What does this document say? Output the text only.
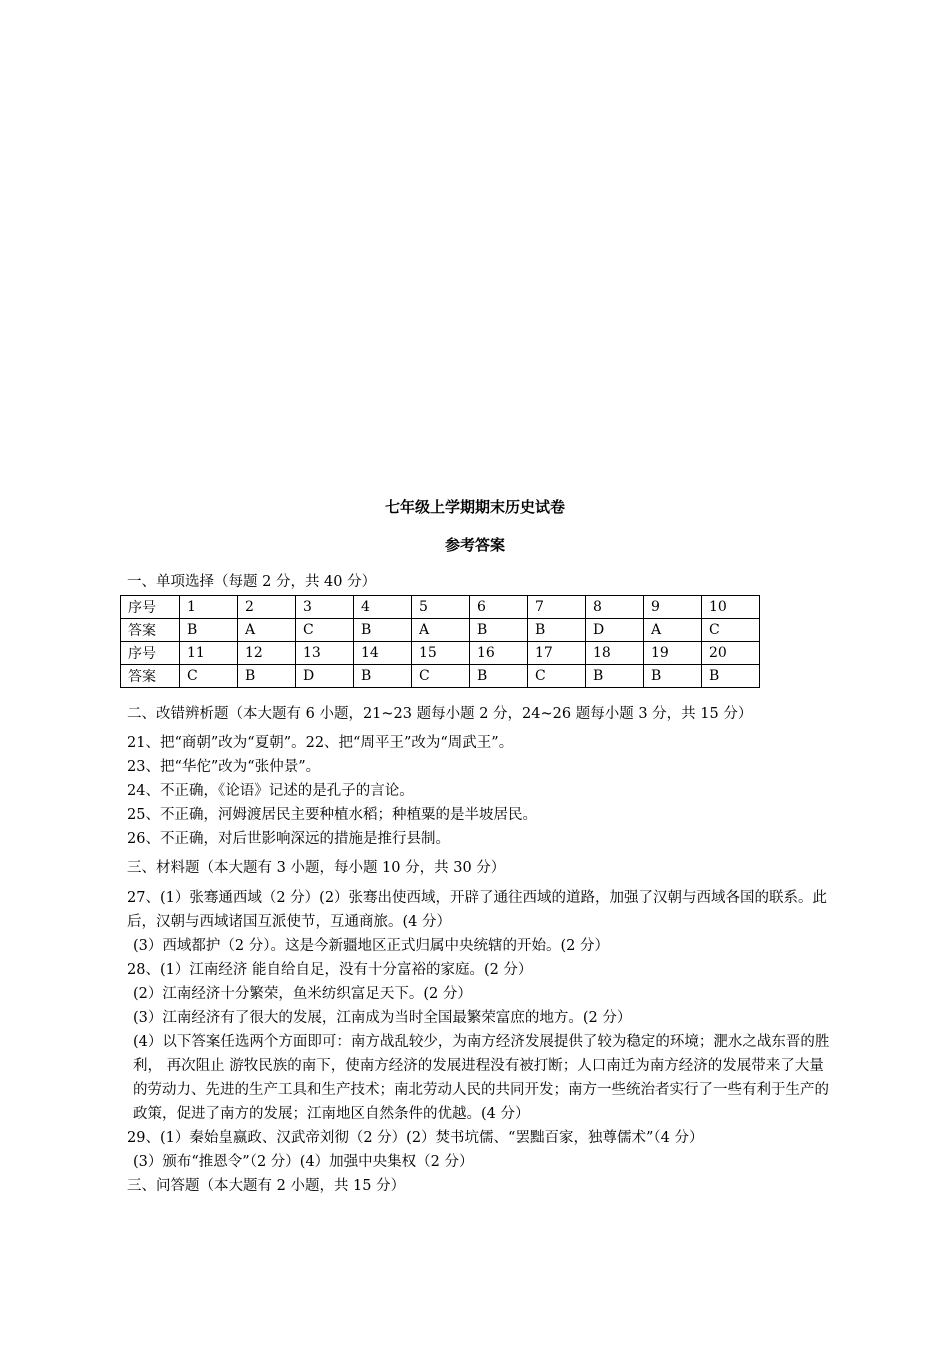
七年级上学期期末历史试卷
参考答案
一、单项选择（每题 2 分，共 40 分）
序号	1	2	3	4	5	6	7	8	9	10
答案	B	A	C	B	A	B	B	D	A	C
序号	11	12	13	14	15	16	17	18	19	20
答案	C	B	D	B	C	B	C	B	B	B
二、改错辨析题（本大题有 6 小题，21~23 题每小题 2 分，24~26 题每小题 3 分，共 15 分）
21、把“商朝”改为“夏朝”。22、把“周平王”改为“周武王”。
23、把“华佗”改为“张仲景”。
24、不正确，《论语》记述的是孔子的言论。
25、不正确，河姆渡居民主要种植水稻；种植粟的是半坡居民。
26、不正确，对后世影响深远的措施是推行县制。
三、材料题（本大题有 3 小题，每小题 10 分，共 30 分）
27、(1）张骞通西域（2 分）(2）张骞出使西域，开辟了通往西域的道路，加强了汉朝与西域各国的联系。此后，汉朝与西域诸国互派使节，互通商旅。(4 分）
(3）西域都护（2 分）。这是今新疆地区正式归属中央统辖的开始。(2 分）
28、(1）江南经济 能自给自足，没有十分富裕的家庭。(2 分）
(2）江南经济十分繁荣，鱼米纺织富足天下。(2 分）
(3）江南经济有了很大的发展，江南成为当时全国最繁荣富庶的地方。(2 分）
(4）以下答案任选两个方面即可：南方战乱较少，为南方经济发展提供了较为稳定的环境；淝水之战东晋的胜利， 再次阻止 游牧民族的南下，使南方经济的发展进程没有被打断；人口南迁为南方经济的发展带来了大量的劳动力、先进的生产工具和生产技术；南北劳动人民的共同开发；南方一些统治者实行了一些有利于生产的政策，促进了南方的发展；江南地区自然条件的优越。(4 分）
29、(1）秦始皇嬴政、汉武帝刘彻（2 分）(2）焚书坑儒、“罢黜百家，独尊儒术”（4 分）
(3）颁布“推恩令”（2 分）(4）加强中央集权（2 分）
三、问答题（本大题有 2 小题，共 15 分）
